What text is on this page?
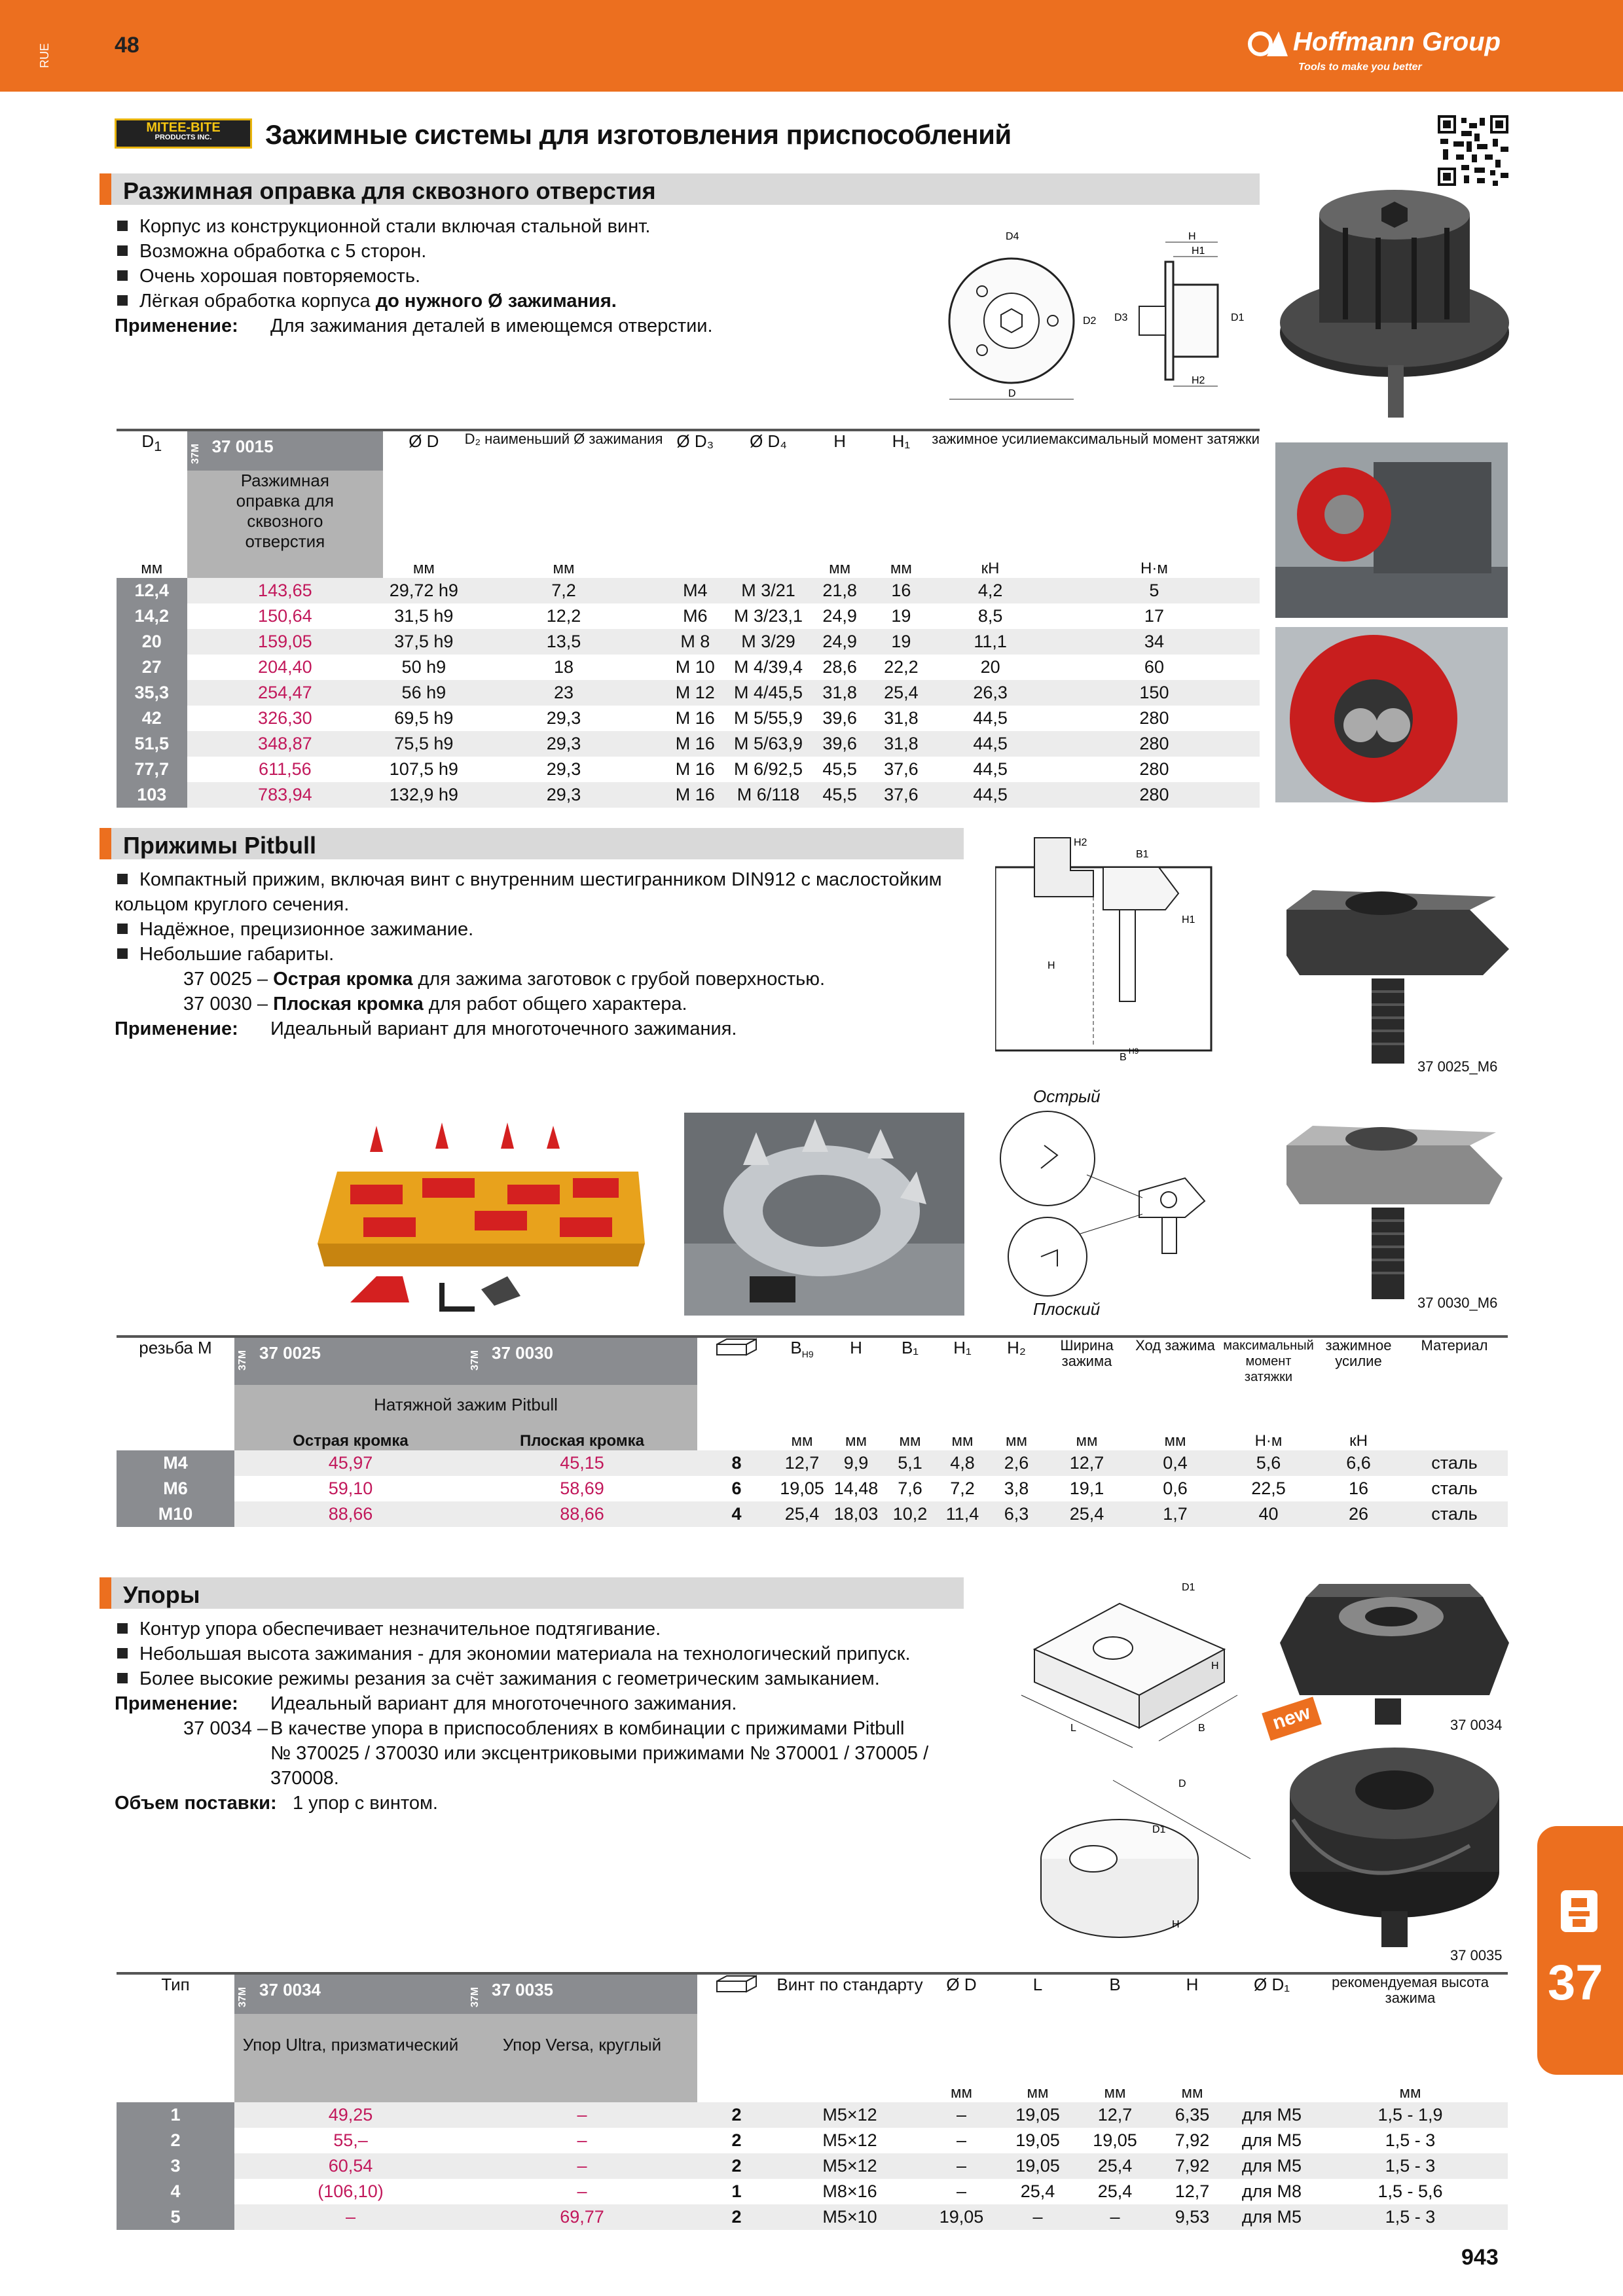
RUE	48	Hoffmann Group
Tools to make you better
MITEE-BITE
PRODUCTS INC.	Зажимные системы для изготовления приспособлений
Разжимная оправка для сквозного отверстия
Корпус из конструкционной стали включая стальной винт.
Возможна обработка с 5 сторон.
Очень хорошая повторяемость.
Лёгкая обработка корпуса до нужного Ø зажимания.
Применение: Для зажимания деталей в имеющемся отверстии.
D
D4
D2
H
H1
H2
D3	D1
$D_1$	37M 37 0015	Ø D	D₂ наименьший Ø зажимания	Ø D₃	Ø D₄	H	H₁	зажимное усилие	максимальный момент затяжки
	Разжимная оправка для сквозного отверстия								
мм		мм	мм			мм	мм	кН	Н·м
12,4	143,65	29,72 h9	7,2	M4	M 3/21	21,8	16	4,2	5
14,2	150,64	31,5 h9	12,2	M6	M 3/23,1	24,9	19	8,5	17
20	159,05	37,5 h9	13,5	M 8	M 3/29	24,9	19	11,1	34
27	204,40	50 h9	18	M 10	M 4/39,4	28,6	22,2	20	60
35,3	254,47	56 h9	23	M 12	M 4/45,5	31,8	25,4	26,3	150
42	326,30	69,5 h9	29,3	M 16	M 5/55,9	39,6	31,8	44,5	280
51,5	348,87	75,5 h9	29,3	M 16	M 5/63,9	39,6	31,8	44,5	280
77,7	611,56	107,5 h9	29,3	M 16	M 6/92,5	45,5	37,6	44,5	280
103	783,94	132,9 h9	29,3	M 16	M 6/118	45,5	37,6	44,5	280
Прижимы Pitbull
Компактный прижим, включая винт с внутренним шестигранником DIN912 с маслостойким кольцом круглого сечения.
Надёжное, прецизионное зажимание.
Небольшие габариты.
37 0025 – Острая кромка для зажима заготовок с грубой поверхностью.
37 0030 – Плоская кромка для работ общего характера.
Применение: Идеальный вариант для многоточечного зажимания.
H2
B1
H1
H
B
H9
37 0025_M6
37 0030_M6
Острый
Плоский
резьба M	37M 37 0025	37M 37 0030		$B_{H9}$	H	B₁	H₁	H₂	Ширина зажима	Ход зажима	максимальный момент затяжки	зажимное усилие	Материал
	Натяжной зажим Pitbull												
	Острая кромка	Плоская кромка		мм	мм	мм	мм	мм	мм	мм	Н·м	кН	
M4	45,97	45,15	8	12,7	9,9	5,1	4,8	2,6	12,7	0,4	5,6	6,6	сталь
M6	59,10	58,69	6	19,05	14,48	7,6	7,2	3,8	19,1	0,6	22,5	16	сталь
M10	88,66	88,66	4	25,4	18,03	10,2	11,4	6,3	25,4	1,7	40	26	сталь
Упоры
Контур упора обеспечивает незначительное подтягивание.
Небольшая высота зажимания - для экономии материала на технологический припуск.
Более высокие режимы резания за счёт зажимания с геометрическим замыканием.
Применение: Идеальный вариант для многоточечного зажимания.
37 0034 – В качестве упора в приспособлениях в комбинации с прижимами Pitbull
№ 370025 / 370030 или эксцентриковыми прижимами № 370001 / 370005 /
370008.
Объем поставки: 1 упор с винтом.
L	B
D1
H
D
D1
H
new	37 0034
37 0035
Тип	37M 37 0034	37M 37 0035		Винт по стандарту	Ø D	L	B	H	Ø D₁	рекомендуемая высота зажима
	Упор Ultra, призматический	Упор Versa, круглый								
					мм	мм	мм	мм		мм
1	49,25	–	2	M5×12	–	19,05	12,7	6,35	для M5	1,5 - 1,9
2	55,–	–	2	M5×12	–	19,05	19,05	7,92	для M5	1,5 - 3
3	60,54	–	2	M5×12	–	19,05	25,4	7,92	для M5	1,5 - 3
4	(106,10)	–	1	M8×16	–	25,4	25,4	12,7	для M8	1,5 - 5,6
5	–	69,77	2	M5×10	19,05	–	–	9,53	для M5	1,5 - 3
37
943
